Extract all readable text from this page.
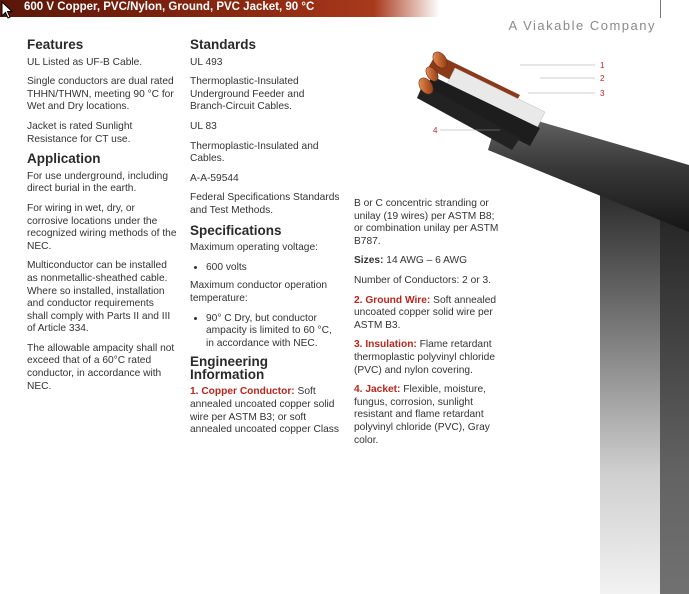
600 V Copper, PVC/Nylon, Ground, PVC Jacket, 90 °C
A Viakable Company
1
2
3
4
Features

UL Listed as UF-B Cable.

Single conductors are dual rated THHN/THWN, meeting 90 °C for Wet and Dry locations.

Jacket is rated Sunlight Resistance for CT use.

Application

For use underground, including direct burial in the earth.

For wiring in wet, dry, or corrosive locations under the recognized wiring methods of the NEC.

Multiconductor can be installed as nonmetallic-sheathed cable. Where so installed, installation and conductor requirements shall comply with Parts II and III of Article 334.

The allowable ampacity shall not exceed that of a 60°C rated conductor, in accordance with NEC.

Standards

UL 493

Thermoplastic-Insulated Underground Feeder and Branch-Circuit Cables.

UL 83

Thermoplastic-Insulated and Cables.

A-A-59544

Federal Specifications Standards and Test Methods.

Specifications

Maximum operating voltage:

• 600 volts

Maximum conductor operation temperature:

• 90° C Dry, but conductor ampacity is limited to 60 °C, in accordance with NEC.
Engineering Information

1. Copper Conductor: Soft annealed uncoated copper solid wire per ASTM B3; or soft annealed uncoated copper Class

B or C concentric stranding or unilay (19 wires) per ASTM B8; or combination unilay per ASTM B787.

Sizes: 14 AWG – 6 AWG

Number of Conductors: 2 or 3.

2. Ground Wire: Soft annealed uncoated copper solid wire per ASTM B3.

3. Insulation: Flame retardant thermoplastic polyvinyl chloride (PVC) and nylon covering.

4. Jacket: Flexible, moisture, fungus, corrosion, sunlight resistant and flame retardant polyvinyl chloride (PVC), Gray color.
